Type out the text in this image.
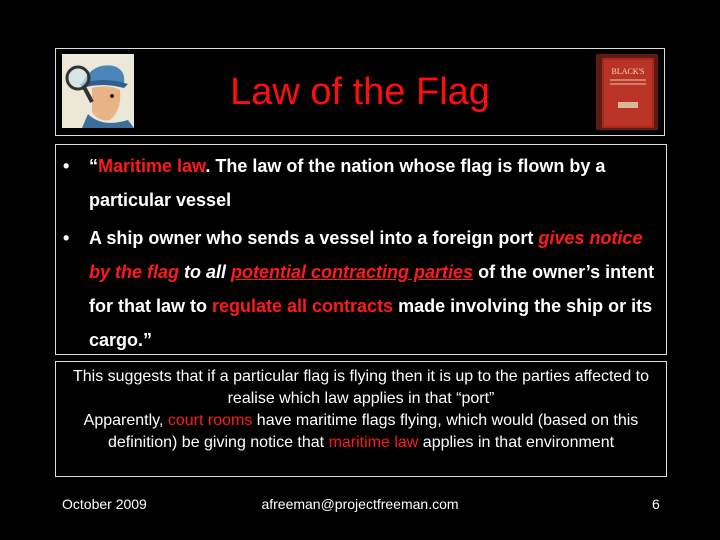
Law of the Flag	BLACK'S
• “Maritime law. The law of the nation whose flag is flown by a particular vessel
• A ship owner who sends a vessel into a foreign port gives notice by the flag to all potential contracting parties of the owner’s intent for that law to regulate all contracts made involving the ship or its cargo.”
This suggests that if a particular flag is flying then it is up to the parties affected to realise which law applies in that “port”
Apparently, court rooms have maritime flags flying, which would (based on this definition) be giving notice that maritime law applies in that environment
October 2009	afreeman@projectfreeman.com	6
